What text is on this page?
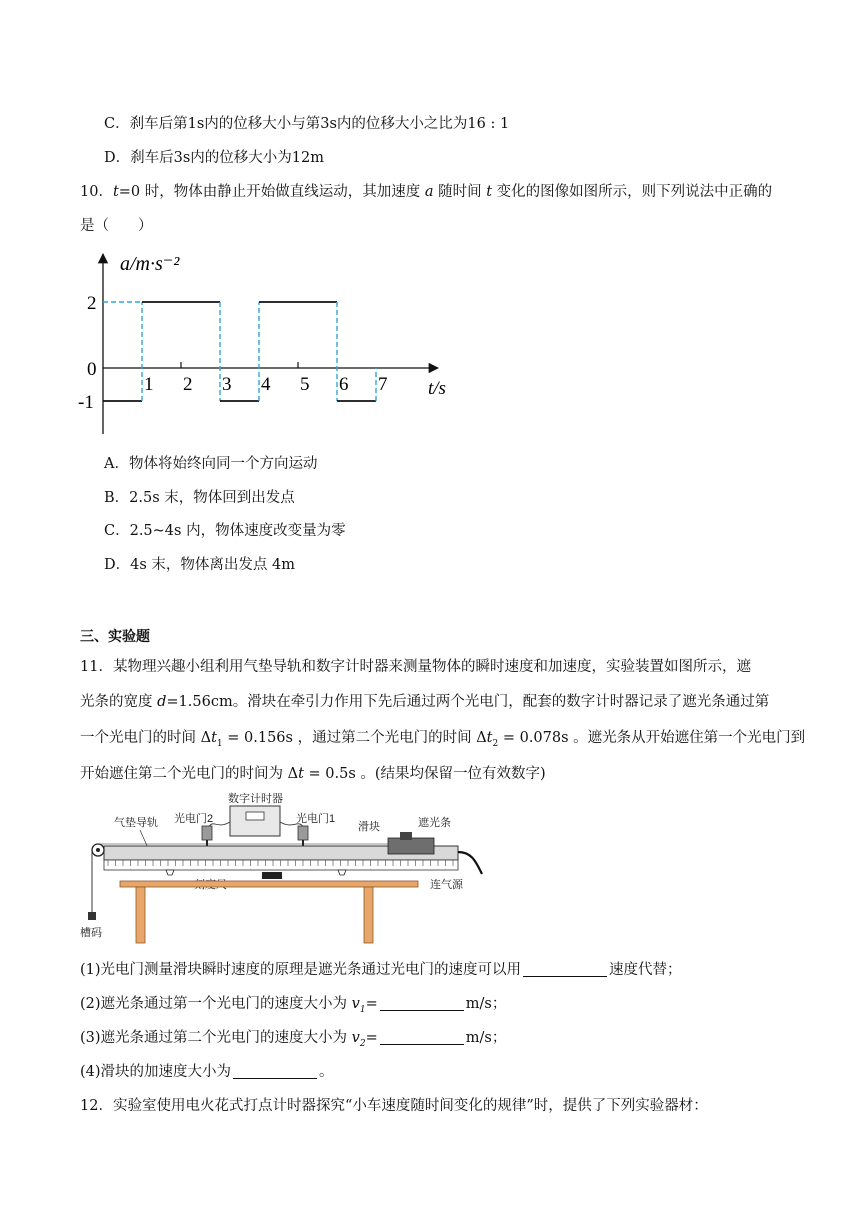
C．刹车后第1s内的位移大小与第3s内的位移大小之比为16 : 1
D．刹车后3s内的位移大小为12m
10．t=0 时，物体由静止开始做直线运动，其加速度 a 随时间 t 变化的图像如图所示，则下列说法中正确的
是（　　）
a/m·s⁻²
t/s
1 2 3 4 5 6 7
2
0
-1
A．物体将始终向同一个方向运动
B．2.5s 末，物体回到出发点
C．2.5~4s 内，物体速度改变量为零
D．4s 末，物体离出发点 4m
三、实验题
11．某物理兴趣小组利用气垫导轨和数字计时器来测量物体的瞬时速度和加速度，实验装置如图所示，遮
光条的宽度 d=1.56cm。滑块在牵引力作用下先后通过两个光电门，配套的数字计时器记录了遮光条通过第
一个光电门的时间 $\Delta t_1 = 0.156s$ ，通过第二个光电门的时间 $\Delta t_2 = 0.078s$ 。遮光条从开始遮住第一个光电门到
开始遮住第二个光电门的时间为 Δt = 0.5s 。(结果均保留一位有效数字)
数字计时器
光电门2	光电门1
气垫导轨
槽码
滑块	遮光条
连气源
(1)光电门测量滑块瞬时速度的原理是遮光条通过光电门的速度可以用	速度代替；
(2)遮光条通过第一个光电门的速度大小为 $v_1=$	m/s；
(3)遮光条通过第二个光电门的速度大小为 $v_2=$	m/s；
(4)滑块的加速度大小为	。
12．实验室使用电火花式打点计时器探究“小车速度随时间变化的规律”时，提供了下列实验器材：
